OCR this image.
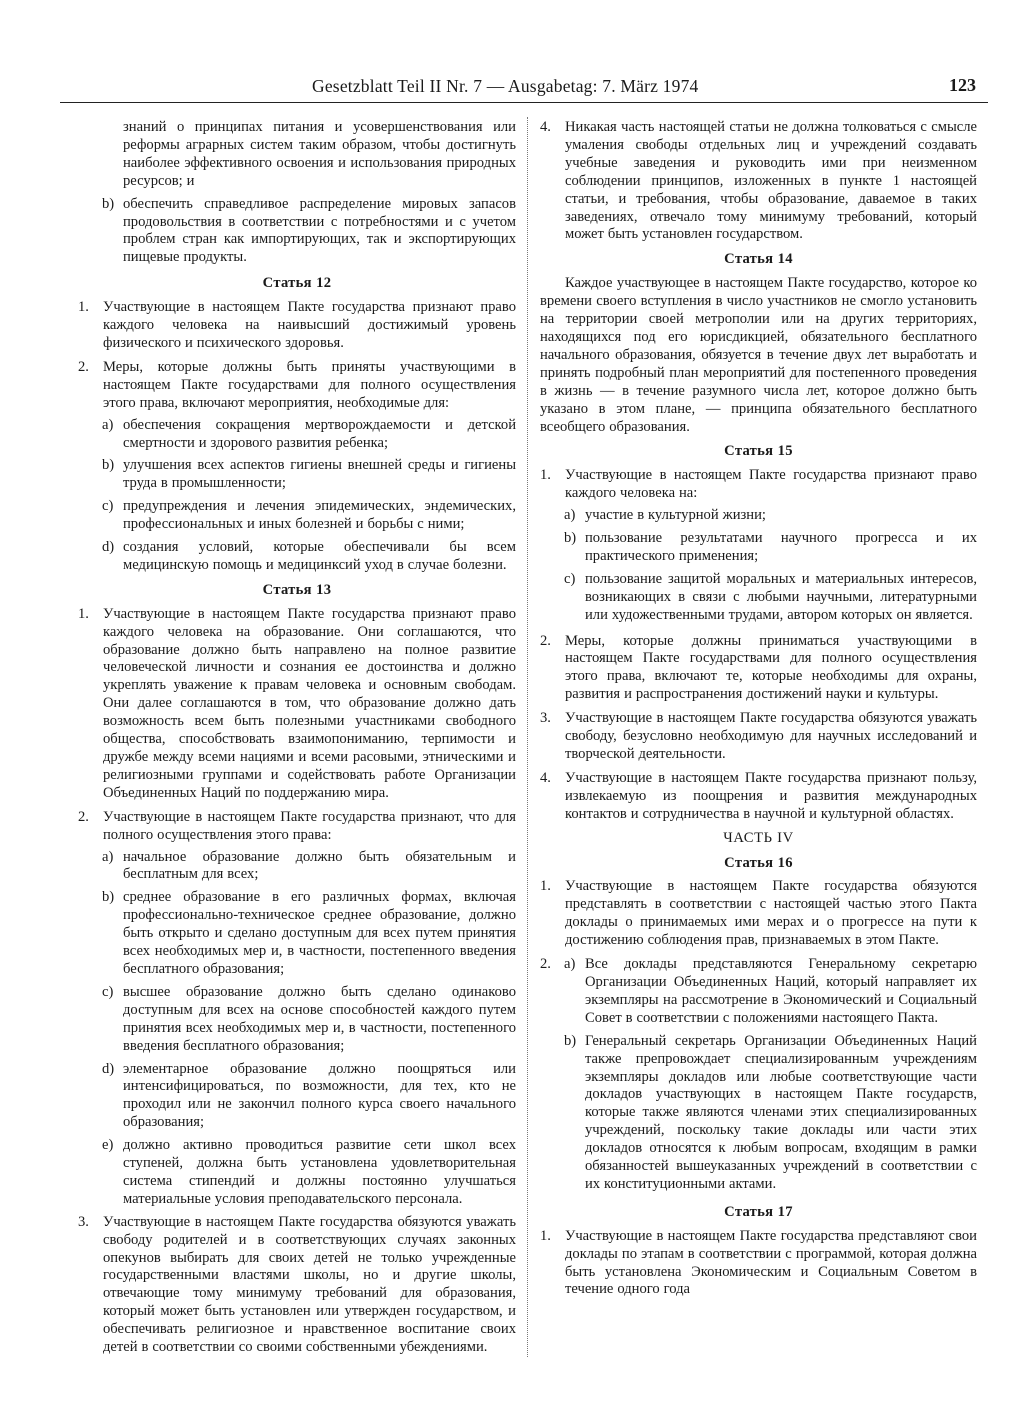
Gesetzblatt Teil II Nr. 7 — Ausgabetag: 7. März 1974	123
знаний о принципах питания и усовершенствования или реформы аграрных систем таким образом, чтобы достигнуть наиболее эффективного освоения и использования природных ресурсов; и
b) обеспечить справедливое распределение мировых запасов продовольствия в соответствии с потребностями и с учетом проблем стран как импортирующих, так и экспортирующих пищевые продукты.
Статья 12
1. Участвующие в настоящем Пакте государства признают право каждого человека на наивысший достижимый уровень физического и психического здоровья.
2. Меры, которые должны быть приняты участвующими в настоящем Пакте государствами для полного осуществления этого права, включают мероприятия, необходимые для:
a) обеспечения сокращения мертворождаемости и детской смертности и здорового развития ребенка;
b) улучшения всех аспектов гигиены внешней среды и гигиены труда в промышленности;
c) предупреждения и лечения эпидемических, эндемических, профессиональных и иных болезней и борьбы с ними;
d) создания условий, которые обеспечивали бы всем медицинскую помощь и медицинксий уход в случае болезни.
Статья 13
1. Участвующие в настоящем Пакте государства признают право каждого человека на образование. Они соглашаются, что образование должно быть направлено на полное развитие человеческой личности и сознания ее достоинства и должно укреплять уважение к правам человека и основным свободам. Они далее соглашаются в том, что образование должно дать возможность всем быть полезными участниками свободного общества, способствовать взаимопониманию, терпимости и дружбе между всеми нациями и всеми расовыми, этническими и религиозными группами и содействовать работе Организации Объединенных Наций по поддержанию мира.
2. Участвующие в настоящем Пакте государства признают, что для полного осуществления этого права:
a) начальное образование должно быть обязательным и бесплатным для всех;
b) среднее образование в его различных формах, включая профессионально-техническое среднее образование, должно быть открыто и сделано доступным для всех путем принятия всех необходимых мер и, в частности, постепенного введения бесплатного образования;
c) высшее образование должно быть сделано одинаково доступным для всех на основе способностей каждого путем принятия всех необходимых мер и, в частности, постепенного введения бесплатного образования;
d) элементарное образование должно поощряться или интенсифицироваться, по возможности, для тех, кто не проходил или не закончил полного курса своего начального образования;
e) должно активно проводиться развитие сети школ всех ступеней, должна быть установлена удовлетворительная система стипендий и должны постоянно улучшаться материальные условия преподавательского персонала.
3. Участвующие в настоящем Пакте государства обязуются уважать свободу родителей и в соответствующих случаях законных опекунов выбирать для своих детей не только учрежденные государственными властями школы, но и другие школы, отвечающие тому минимуму требований для образования, который может быть установлен или утвержден государством, и обеспечивать религиозное и нравственное воспитание своих детей в соответствии со своими собственными убеждениями.
4. Никакая часть настоящей статьи не должна толковаться с смысле умаления свободы отдельных лиц и учреждений создавать учебные заведения и руководить ими при неизменном соблюдении принципов, изложенных в пункте 1 настоящей статьи, и требования, чтобы образование, даваемое в таких заведениях, отвечало тому минимуму требований, который может быть установлен государством.
Статья 14
Каждое участвующее в настоящем Пакте государство, которое ко времени своего вступления в число участников не смогло установить на территории своей метрополии или на других территориях, находящихся под его юрисдикцией, обязательного бесплатного начального образования, обязуется в течение двух лет выработать и принять подробный план мероприятий для постепенного проведения в жизнь — в течение разумного числа лет, которое должно быть указано в этом плане, — принципа обязательного бесплатного всеобщего образования.
Статья 15
1. Участвующие в настоящем Пакте государства признают право каждого человека на:
a) участие в культурной жизни;
b) пользование результатами научного прогресса и их практического применения;
c) пользование защитой моральных и материальных интересов, возникающих в связи с любыми научными, литературными или художественными трудами, автором которых он является.
2. Меры, которые должны приниматься участвующими в настоящем Пакте государствами для полного осуществления этого права, включают те, которые необходимы для охраны, развития и распространения достижений науки и культуры.
3. Участвующие в настоящем Пакте государства обязуются уважать свободу, безусловно необходимую для научных исследований и творческой деятельности.
4. Участвующие в настоящем Пакте государства признают пользу, извлекаемую из поощрения и развития международных контактов и сотрудничества в научной и культурной областях.
ЧАСТЬ IV
Статья 16
1. Участвующие в настоящем Пакте государства обязуются представлять в соответствии с настоящей частью этого Пакта доклады о принимаемых ими мерах и о прогрессе на пути к достижению соблюдения прав, признаваемых в этом Пакте.
2. a) Все доклады представляются Генеральному секретарю Организации Объединенных Наций, который направляет их экземпляры на рассмотрение в Экономический и Социальный Совет в соответствии с положениями настоящего Пакта.
b) Генеральный секретарь Организации Объединенных Наций также препровождает специализированным учреждениям экземпляры докладов или любые соответствующие части докладов участвующих в настоящем Пакте государств, которые также являются членами этих специализированных учреждений, поскольку такие доклады или части этих докладов относятся к любым вопросам, входящим в рамки обязанностей вышеуказанных учреждений в соответствии с их конституционными актами.
Статья 17
1. Участвующие в настоящем Пакте государства представляют свои доклады по этапам в соответствии с программой, которая должна быть установлена Экономическим и Социальным Советом в течение одного года
